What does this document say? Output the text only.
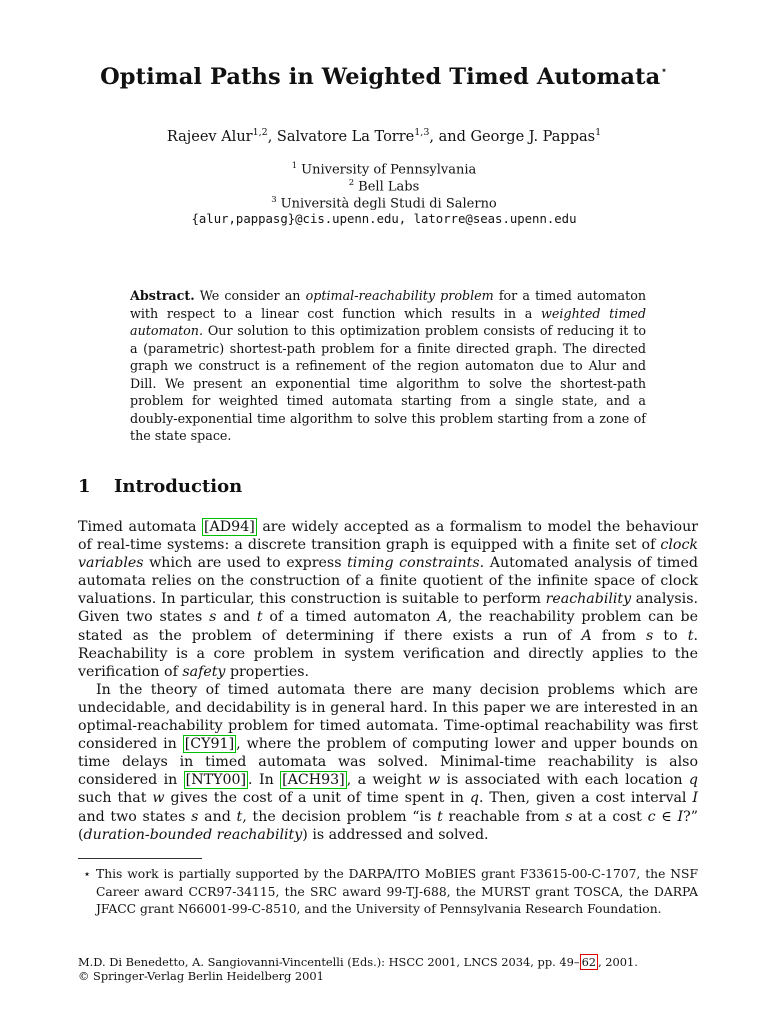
Optimal Paths in Weighted Timed Automata⋆
Rajeev Alur$^{1,2}$, Salvatore La Torre$^{1,3}$, and George J. Pappas$^1$
$^1$ University of Pennsylvania
$^2$ Bell Labs
$^3$ Università degli Studi di Salerno
{alur,pappasg}@cis.upenn.edu, latorre@seas.upenn.edu
Abstract. We consider an optimal-reachability problem for a timed automaton with respect to a linear cost function which results in a weighted timed automaton. Our solution to this optimization problem consists of reducing it to a (parametric) shortest-path problem for a finite directed graph. The directed graph we construct is a refinement of the region automaton due to Alur and Dill. We present an exponential time algorithm to solve the shortest-path problem for weighted timed automata starting from a single state, and a doubly-exponential time algorithm to solve this problem starting from a zone of the state space.
1 Introduction

Timed automata [AD94] are widely accepted as a formalism to model the behaviour of real-time systems: a discrete transition graph is equipped with a finite set of clock variables which are used to express timing constraints. Automated analysis of timed automata relies on the construction of a finite quotient of the infinite space of clock valuations. In particular, this construction is suitable to perform reachability analysis. Given two states s and t of a timed automaton A, the reachability problem can be stated as the problem of determining if there exists a run of A from s to t. Reachability is a core problem in system verification and directly applies to the verification of safety properties.

In the theory of timed automata there are many decision problems which are undecidable, and decidability is in general hard. In this paper we are interested in an optimal-reachability problem for timed automata. Time-optimal reachability was first considered in [CY91] , where the problem of computing lower and upper bounds on time delays in timed automata was solved. Minimal-time reachability is also considered in [NTY00] . In [ACH93] , a weight w is associated with each location q such that w gives the cost of a unit of time spent in q. Then, given a cost interval I and two states s and t, the decision problem “is t reachable from s at a cost c ∈ I?” (duration-bounded reachability) is addressed and solved.

⋆ This work is partially supported by the DARPA/ITO MoBIES grant F33615-00-C-1707, the NSF Career award CCR97-34115, the SRC award 99-TJ-688, the MURST grant TOSCA, the DARPA JFACC grant N66001-99-C-8510, and the University of Pennsylvania Research Foundation.
M.D. Di Benedetto, A. Sangiovanni-Vincentelli (Eds.): HSCC 2001, LNCS 2034, pp. 49– 62 , 2001.
© Springer-Verlag Berlin Heidelberg 2001
